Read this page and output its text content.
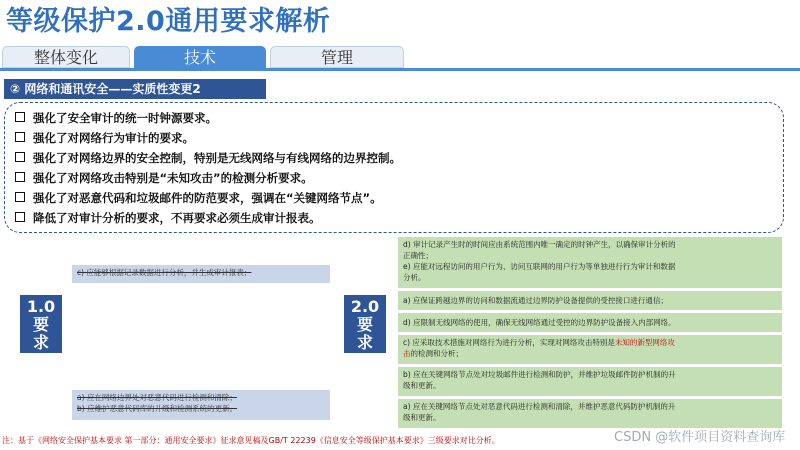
等级保护2.0通用要求解析
整体变化	技术	管理
② 网络和通讯安全——实质性变更2
强化了安全审计的统一时钟源要求。
强化了对网络行为审计的要求。
强化了对网络边界的安全控制，特别是无线网络与有线网络的边界控制。
强化了对网络攻击特别是“未知攻击”的检测分析要求。
强化了对恶意代码和垃圾邮件的防范要求，强调在“关键网络节点”。
降低了对审计分析的要求，不再要求必须生成审计报表。
1.0
要
求
2.0
要
求
c) 应能够根据记录数据进行分析，并生成审计报表；
a) 应在网络边界处对恶意代码进行检测和清除；
b) 应维护恶意代码库的升级和检测系统的更新。
d) 审计记录产生时的时间应由系统范围内唯一确定的时钟产生，以确保审计分析的
正确性；
e) 应能对远程访问的用户行为、访问互联网的用户行为等单独进行行为审计和数据
分析。
a) 应保证跨越边界的访问和数据流通过边界防护设备提供的受控接口进行通信；
d) 应限制无线网络的使用，确保无线网络通过受控的边界防护设备接入内部网络。
c) 应采取技术措施对网络行为进行分析，实现对网络攻击特别是未知的新型网络攻
击的检测和分析；
b) 应在关键网络节点处对垃圾邮件进行检测和防护，并维护垃圾邮件防护机制的升
级和更新。
a) 应在关键网络节点处对恶意代码进行检测和清除，并维护恶意代码防护机制的升
级和更新。
注：基于《网络安全保护基本要求 第一部分：通用安全要求》征求意见稿及GB/T 22239《信息安全等级保护基本要求》三级要求对比分析。	CSDN @软件项目资料查询库
